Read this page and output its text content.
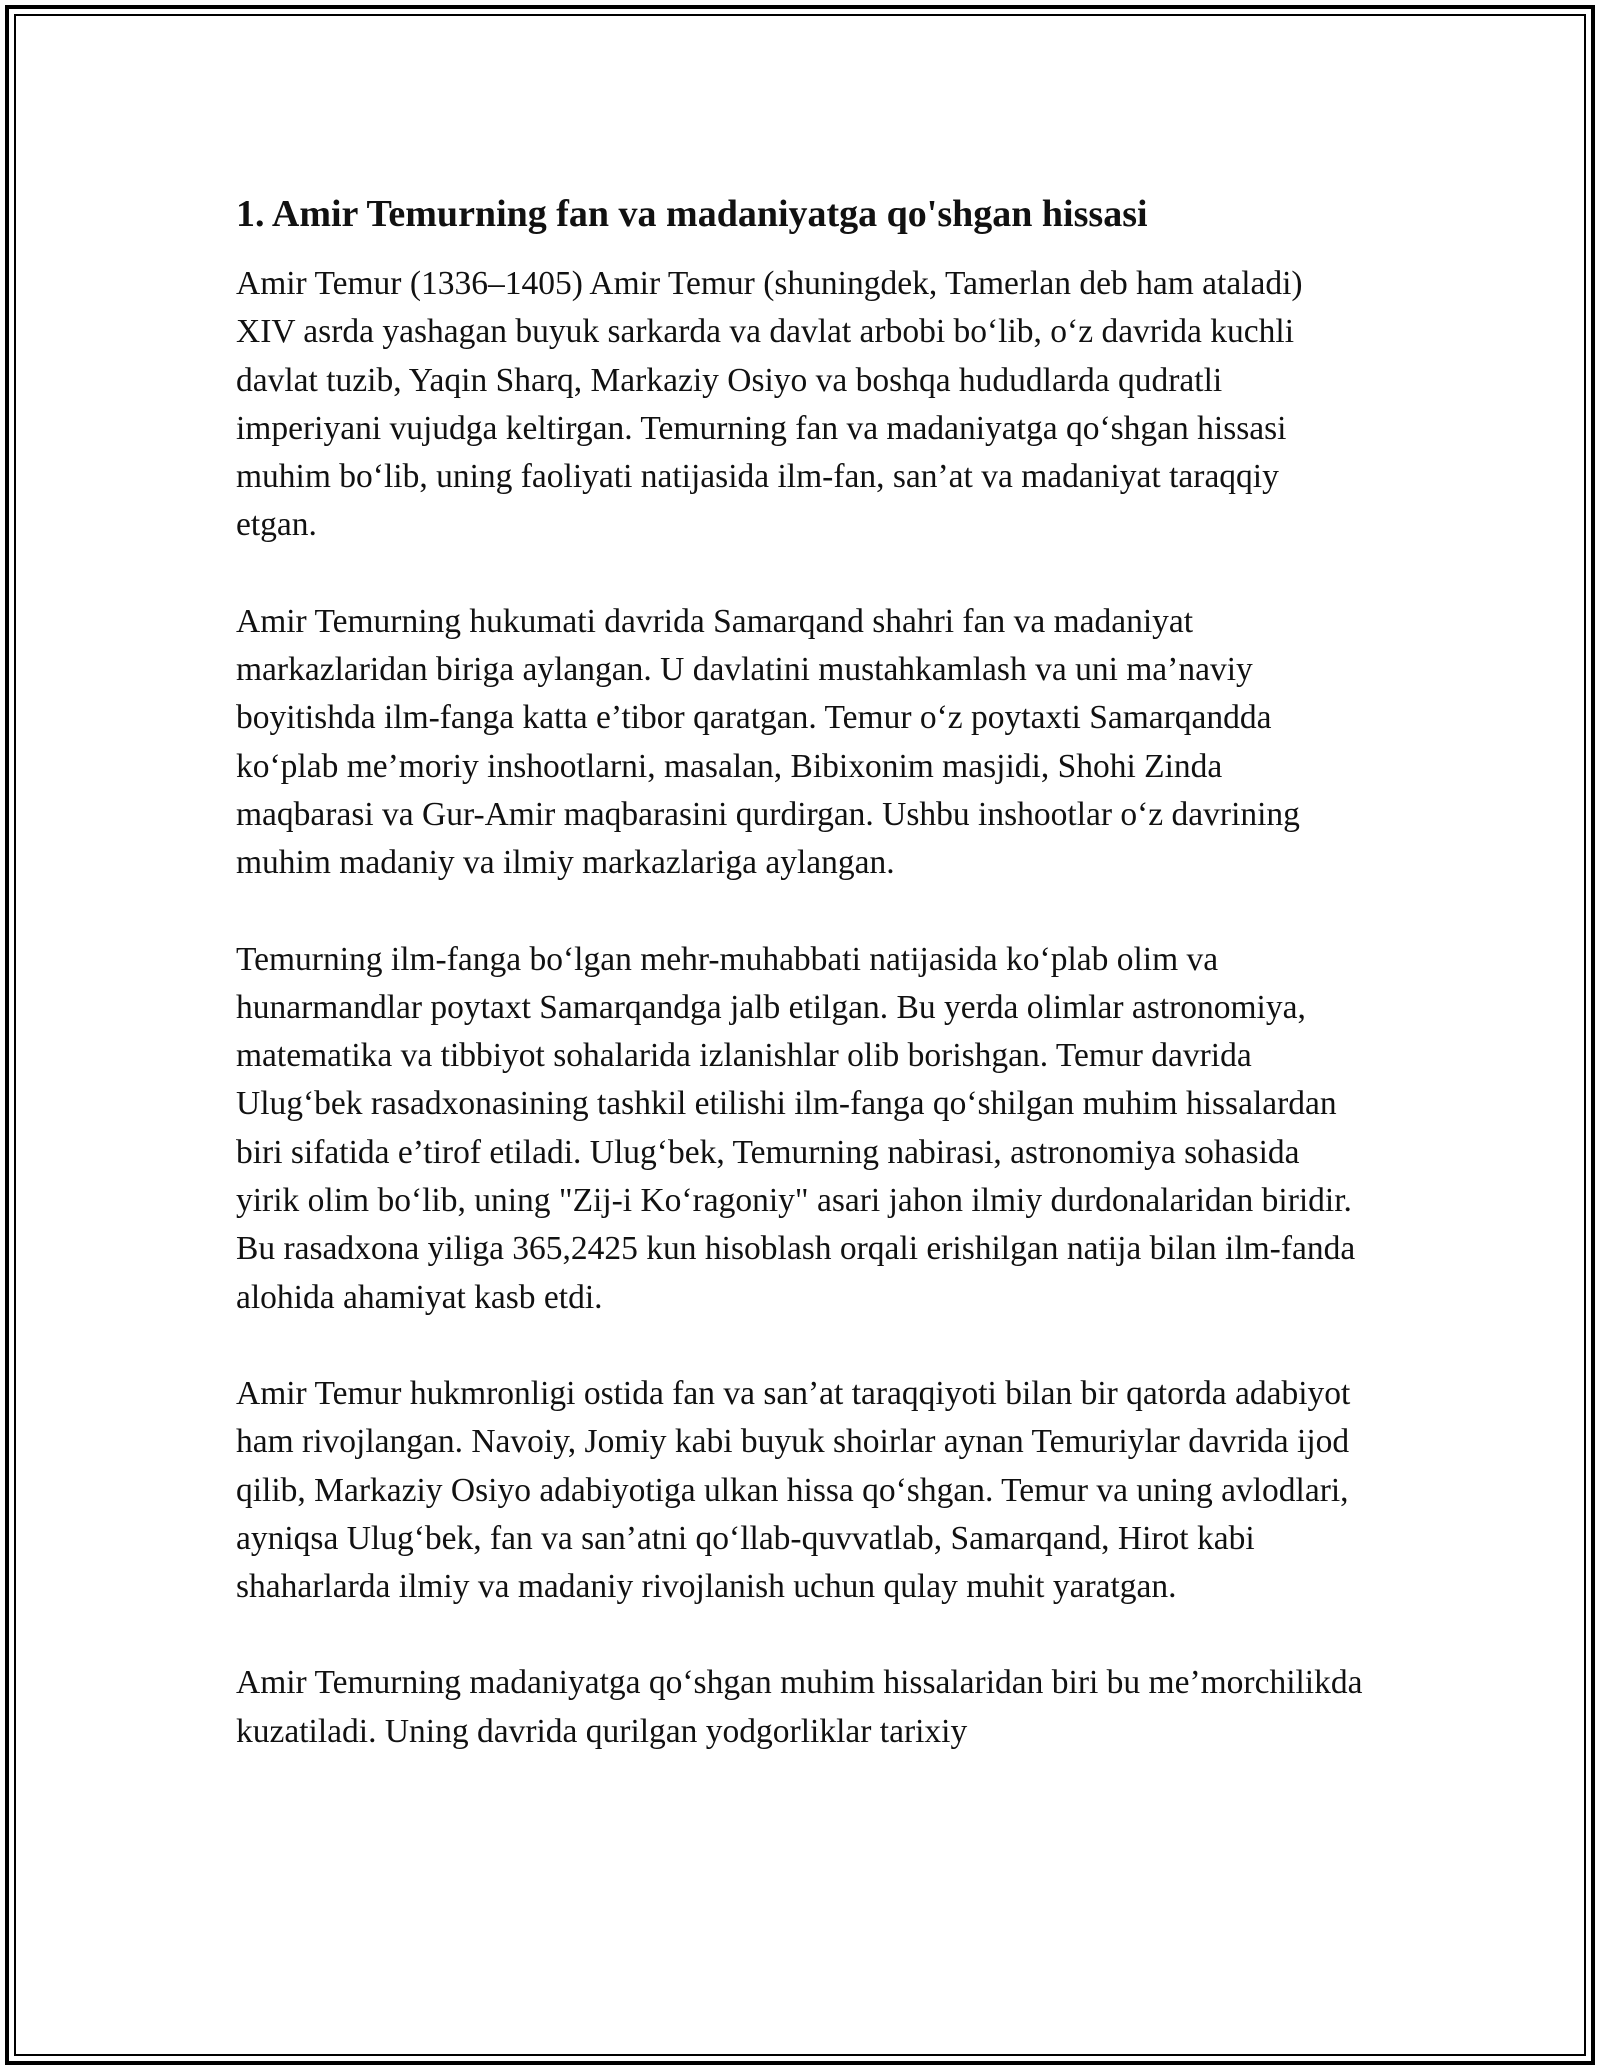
1. Amir Temurning fan va madaniyatga qo'shgan hissasi

Amir Temur (1336–1405) Amir Temur (shuningdek, Tamerlan deb ham ataladi) XIV asrda yashagan buyuk sarkarda va davlat arbobi bo‘lib, o‘z davrida kuchli davlat tuzib, Yaqin Sharq, Markaziy Osiyo va boshqa hududlarda qudratli imperiyani vujudga keltirgan. Temurning fan va madaniyatga qo‘shgan hissasi muhim bo‘lib, uning faoliyati natijasida ilm-fan, san’at va madaniyat taraqqiy etgan.

Amir Temurning hukumati davrida Samarqand shahri fan va madaniyat markazlaridan biriga aylangan. U davlatini mustahkamlash va uni ma’naviy boyitishda ilm-fanga katta e’tibor qaratgan. Temur o‘z poytaxti Samarqandda ko‘plab me’moriy inshootlarni, masalan, Bibixonim masjidi, Shohi Zinda maqbarasi va Gur-Amir maqbarasini qurdirgan. Ushbu inshootlar o‘z davrining muhim madaniy va ilmiy markazlariga aylangan.

Temurning ilm-fanga bo‘lgan mehr-muhabbati natijasida ko‘plab olim va hunarmandlar poytaxt Samarqandga jalb etilgan. Bu yerda olimlar astronomiya, matematika va tibbiyot sohalarida izlanishlar olib borishgan. Temur davrida Ulug‘bek rasadxonasining tashkil etilishi ilm-fanga qo‘shilgan muhim hissalardan biri sifatida e’tirof etiladi. Ulug‘bek, Temurning nabirasi, astronomiya sohasida yirik olim bo‘lib, uning "Zij-i Ko‘ragoniy" asari jahon ilmiy durdonalaridan biridir. Bu rasadxona yiliga 365,2425 kun hisoblash orqali erishilgan natija bilan ilm-fanda alohida ahamiyat kasb etdi.

Amir Temur hukmronligi ostida fan va san’at taraqqiyoti bilan bir qatorda adabiyot ham rivojlangan. Navoiy, Jomiy kabi buyuk shoirlar aynan Temuriylar davrida ijod qilib, Markaziy Osiyo adabiyotiga ulkan hissa qo‘shgan. Temur va uning avlodlari, ayniqsa Ulug‘bek, fan va san’atni qo‘llab-quvvatlab, Samarqand, Hirot kabi shaharlarda ilmiy va madaniy rivojlanish uchun qulay muhit yaratgan.

Amir Temurning madaniyatga qo‘shgan muhim hissalaridan biri bu me’morchilikda kuzatiladi. Uning davrida qurilgan yodgorliklar tarixiy
